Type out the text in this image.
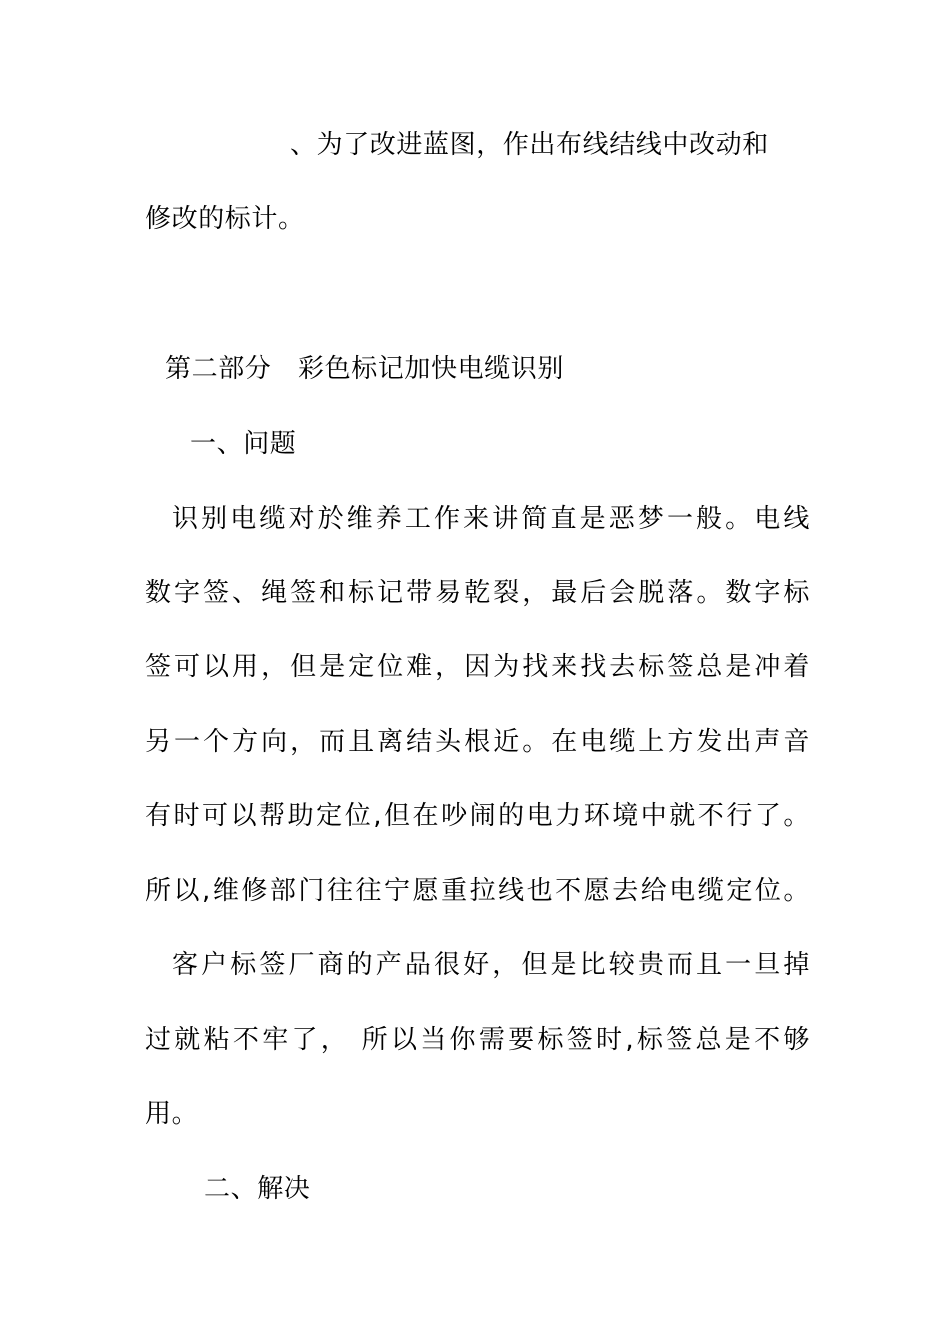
、为了改进蓝图，作出布线结线中改动和
修改的标计。
第二部分　彩色标记加快电缆识别
一、问题
识别电缆对於维养工作来讲简直是恶梦一般。电线
数字签、绳签和标记带易乾裂，最后会脱落。数字标
签可以用，但是定位难，因为找来找去标签总是冲着
另一个方向，而且离结头根近。在电缆上方发出声音
有时可以帮助定位,但在吵闹的电力环境中就不行了。
所以,维修部门往往宁愿重拉线也不愿去给电缆定位。
客户标签厂商的产品很好，但是比较贵而且一旦掉
过就粘不牢了， 所以当你需要标签时,标签总是不够
用。
二、解决
